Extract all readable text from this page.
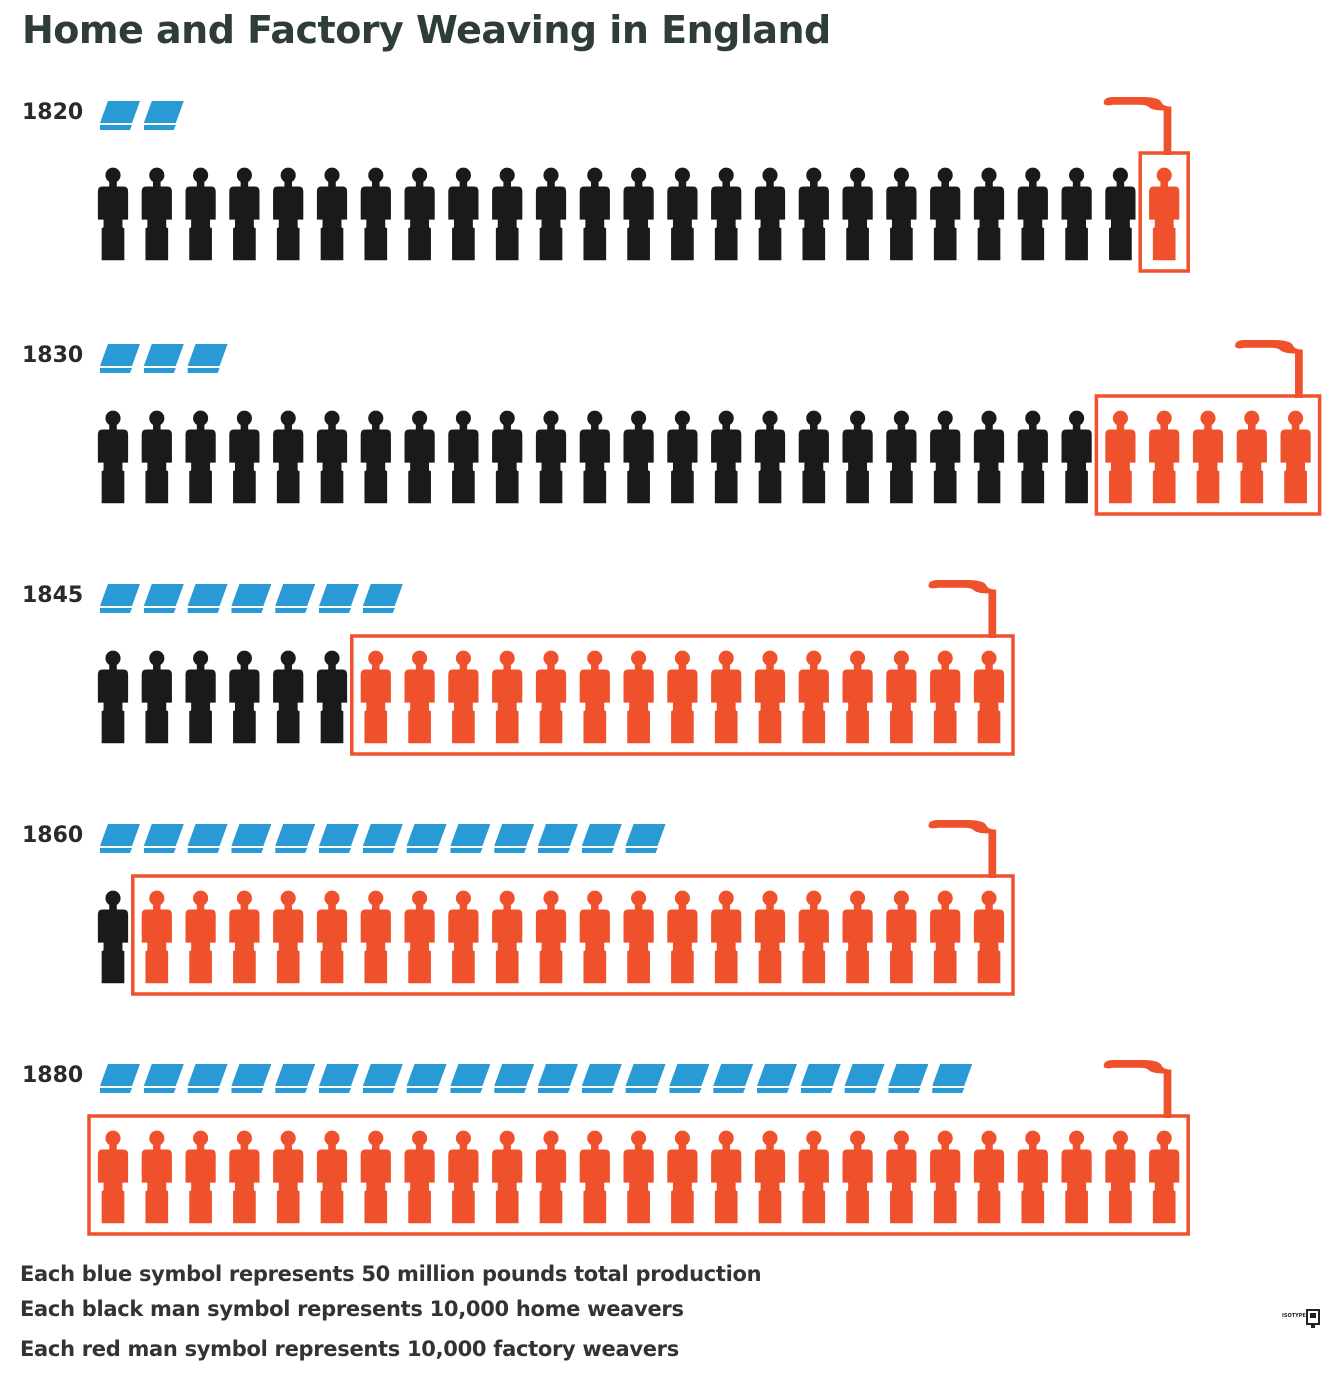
Home and Factory Weaving in England
1820
1830
1845
1860
1880
Each blue symbol represents 50 million pounds total production
Each black man symbol represents 10,000 home weavers
Each red man symbol represents 10,000 factory weavers
ISOTYPE
